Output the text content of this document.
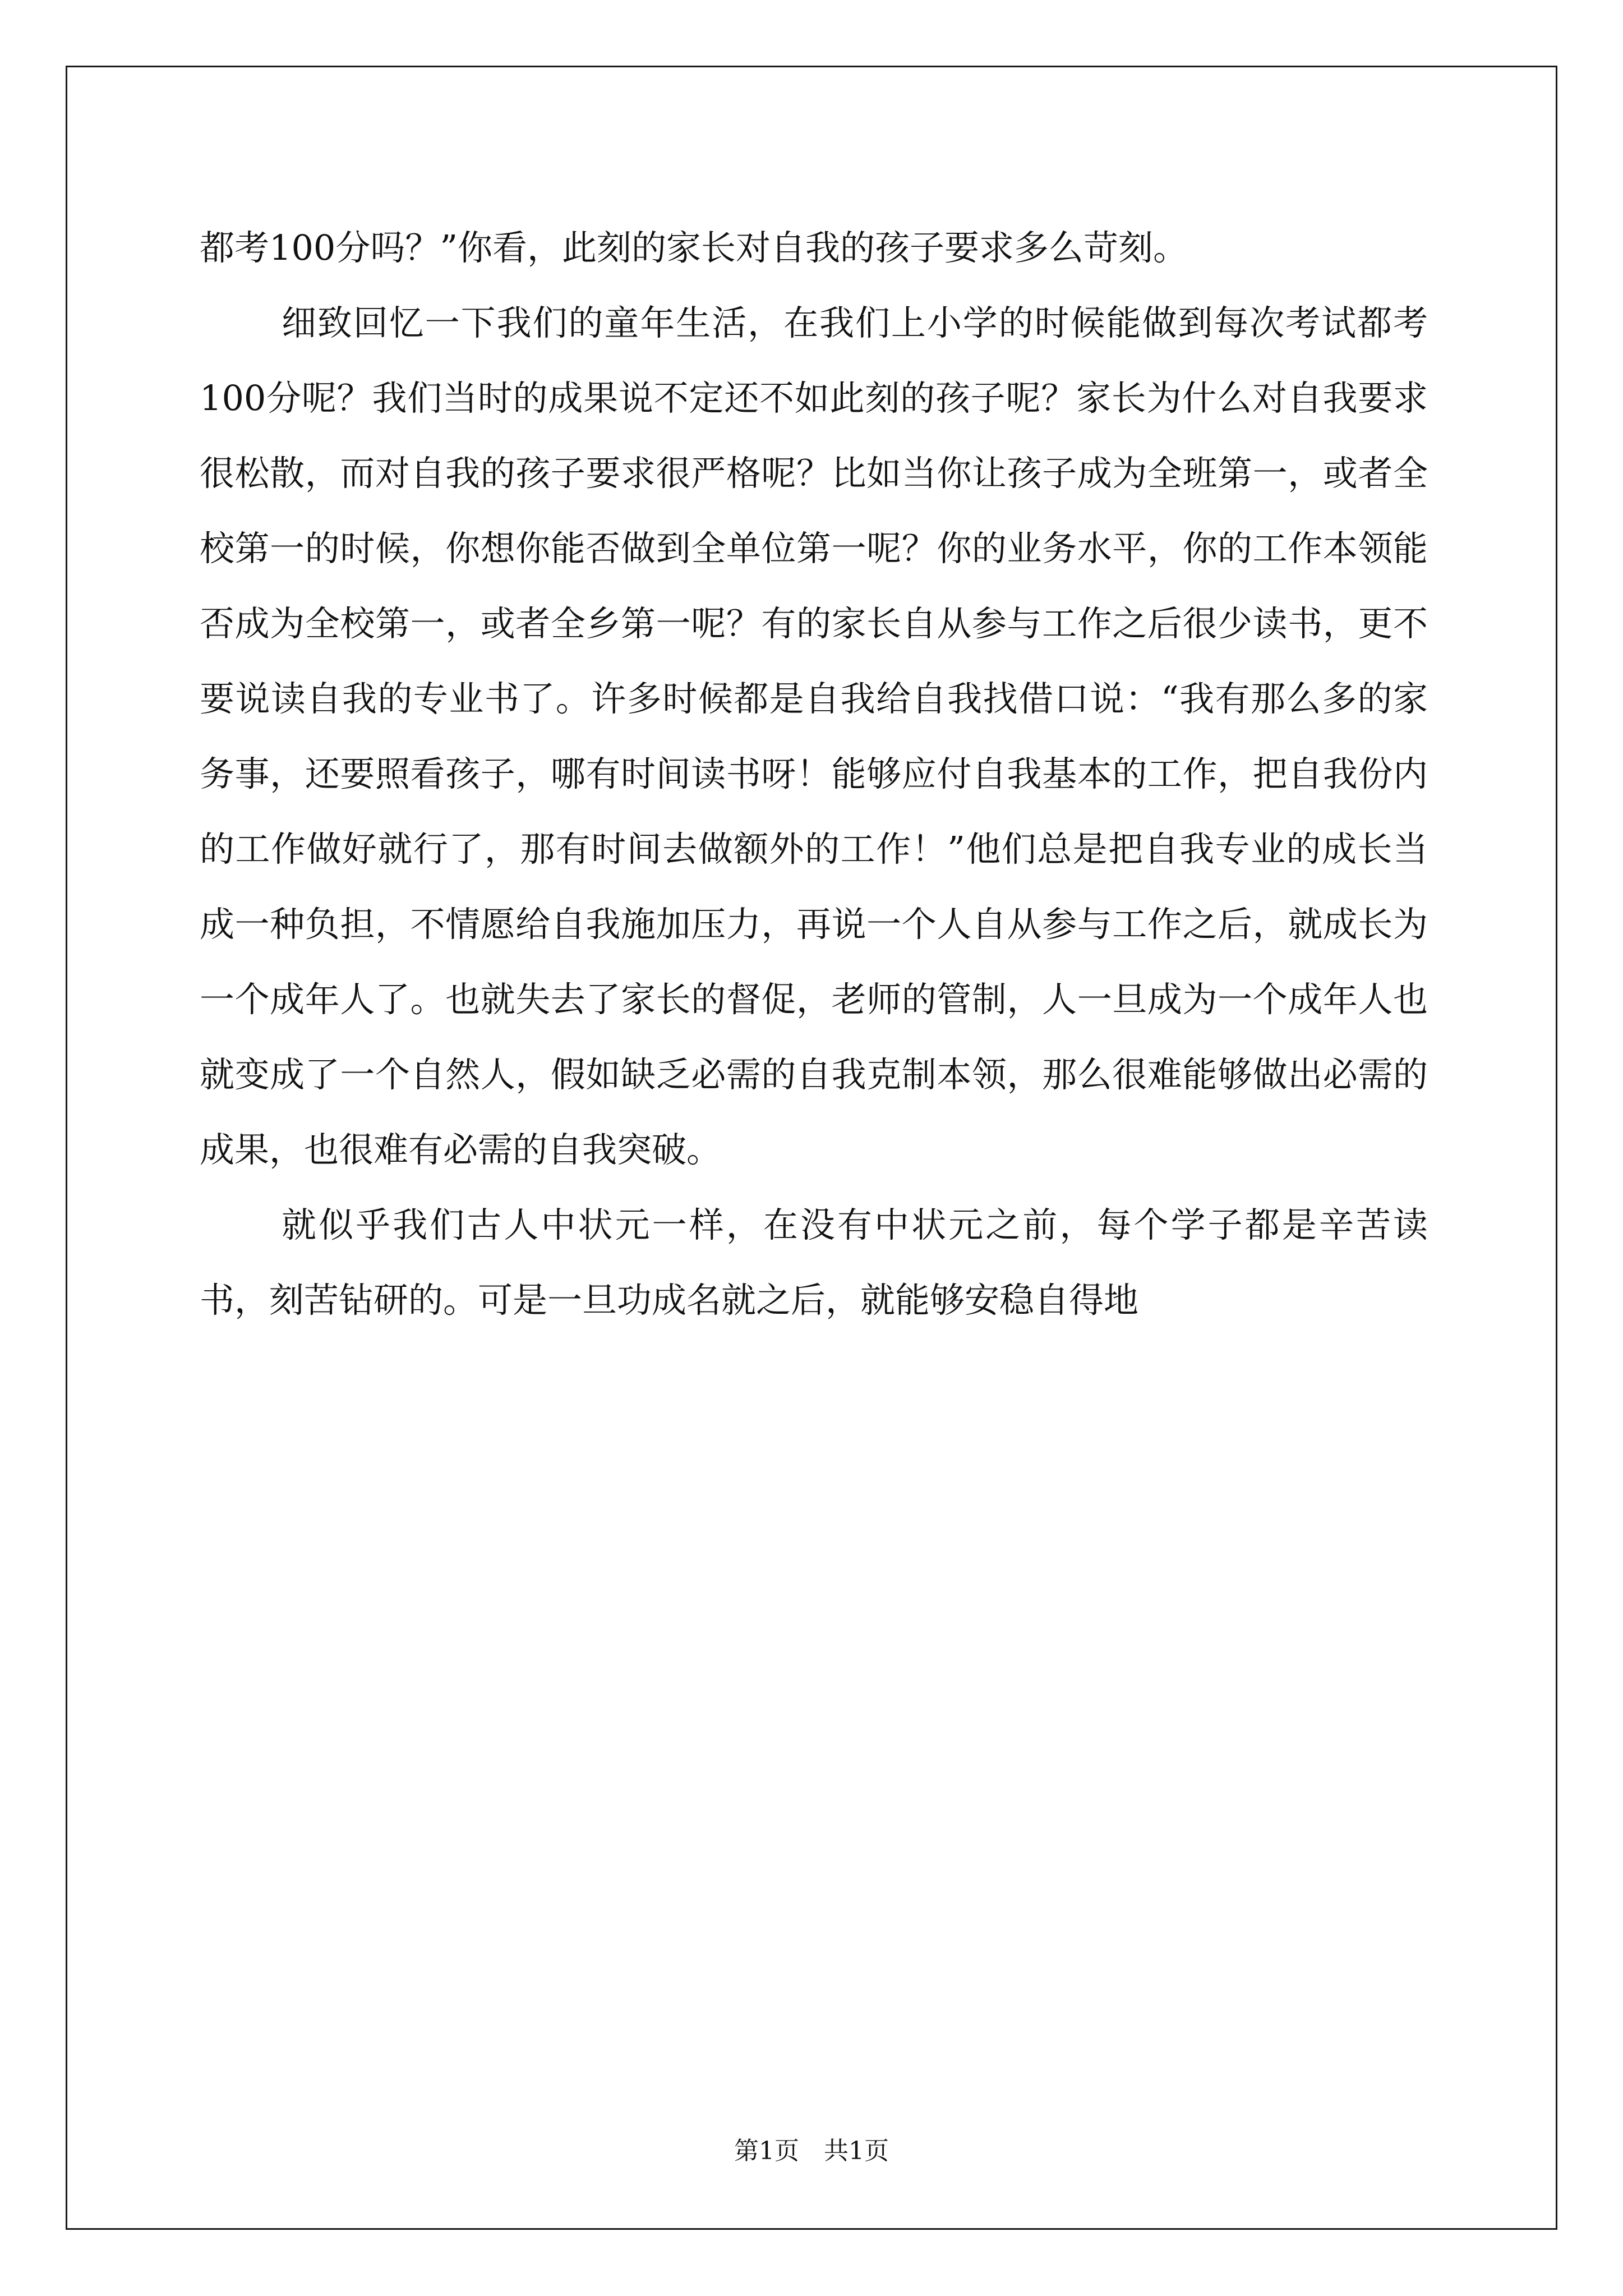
都考100分吗？”你看，此刻的家长对自我的孩子要求多么苛刻。

细致回忆一下我们的童年生活，在我们上小学的时候能做到每次考试都考100分呢？我们当时的成果说不定还不如此刻的孩子呢？家长为什么对自我要求很松散，而对自我的孩子要求很严格呢？比如当你让孩子成为全班第一，或者全校第一的时候，你想你能否做到全单位第一呢？你的业务水平，你的工作本领能否成为全校第一，或者全乡第一呢？有的家长自从参与工作之后很少读书，更不要说读自我的专业书了。许多时候都是自我给自我找借口说：“我有那么多的家务事，还要照看孩子，哪有时间读书呀！能够应付自我基本的工作，把自我份内的工作做好就行了，那有时间去做额外的工作！”他们总是把自我专业的成长当成一种负担，不情愿给自我施加压力，再说一个人自从参与工作之后，就成长为一个成年人了。也就失去了家长的督促，老师的管制，人一旦成为一个成年人也就变成了一个自然人，假如缺乏必需的自我克制本领，那么很难能够做出必需的成果，也很难有必需的自我突破。

就似乎我们古人中状元一样，在没有中状元之前，每个学子都是辛苦读书，刻苦钻研的。可是一旦功成名就之后，就能够安稳自得地

第1页 共1页
